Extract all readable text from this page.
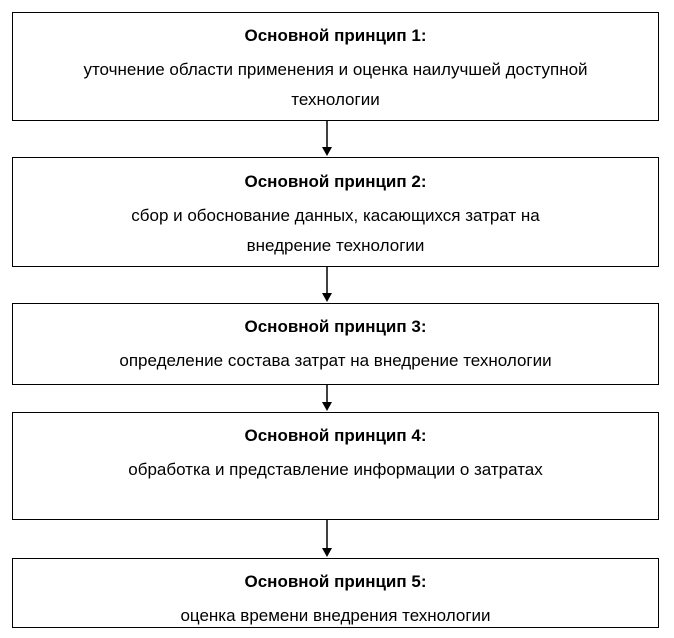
Основной принцип 1:
уточнение области применения и оценка наилучшей доступной технологии
Основной принцип 2:
сбор и обоснование данных, касающихся затрат на внедрение технологии
Основной принцип 3:
определение состава затрат на внедрение технологии
Основной принцип 4:
обработка и представление информации о затратах
Основной принцип 5:
оценка времени внедрения технологии
